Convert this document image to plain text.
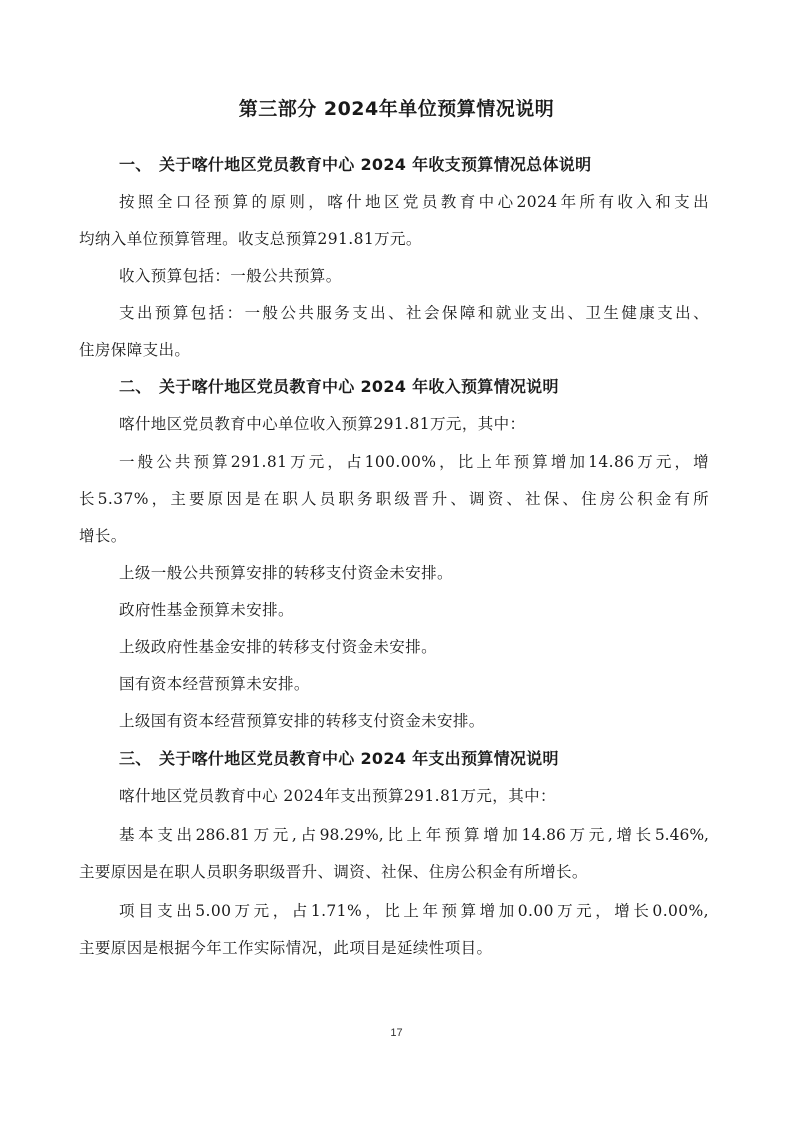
第三部分 2024年单位预算情况说明
一、 关于喀什地区党员教育中心 2024 年收支预算情况总体说明
按照全口径预算的原则，喀什地区党员教育中心2024年所有收入和支出
均纳入单位预算管理。收支总预算291.81万元。
收入预算包括：一般公共预算。
支出预算包括：一般公共服务支出、社会保障和就业支出、卫生健康支出、
住房保障支出。
二、 关于喀什地区党员教育中心 2024 年收入预算情况说明
喀什地区党员教育中心单位收入预算291.81万元，其中：
一般公共预算291.81万元，占100.00%，比上年预算增加14.86万元，增
长5.37%，主要原因是在职人员职务职级晋升、调资、社保、住房公积金有所
增长。
上级一般公共预算安排的转移支付资金未安排。
政府性基金预算未安排。
上级政府性基金安排的转移支付资金未安排。
国有资本经营预算未安排。
上级国有资本经营预算安排的转移支付资金未安排。
三、 关于喀什地区党员教育中心 2024 年支出预算情况说明
喀什地区党员教育中心 2024年支出预算291.81万元，其中：
基本支出286.81万元,占98.29%,比上年预算增加14.86万元,增长5.46%,
主要原因是在职人员职务职级晋升、调资、社保、住房公积金有所增长。
项目支出5.00万元，占1.71%，比上年预算增加0.00万元，增长0.00%,
主要原因是根据今年工作实际情况，此项目是延续性项目。
17
